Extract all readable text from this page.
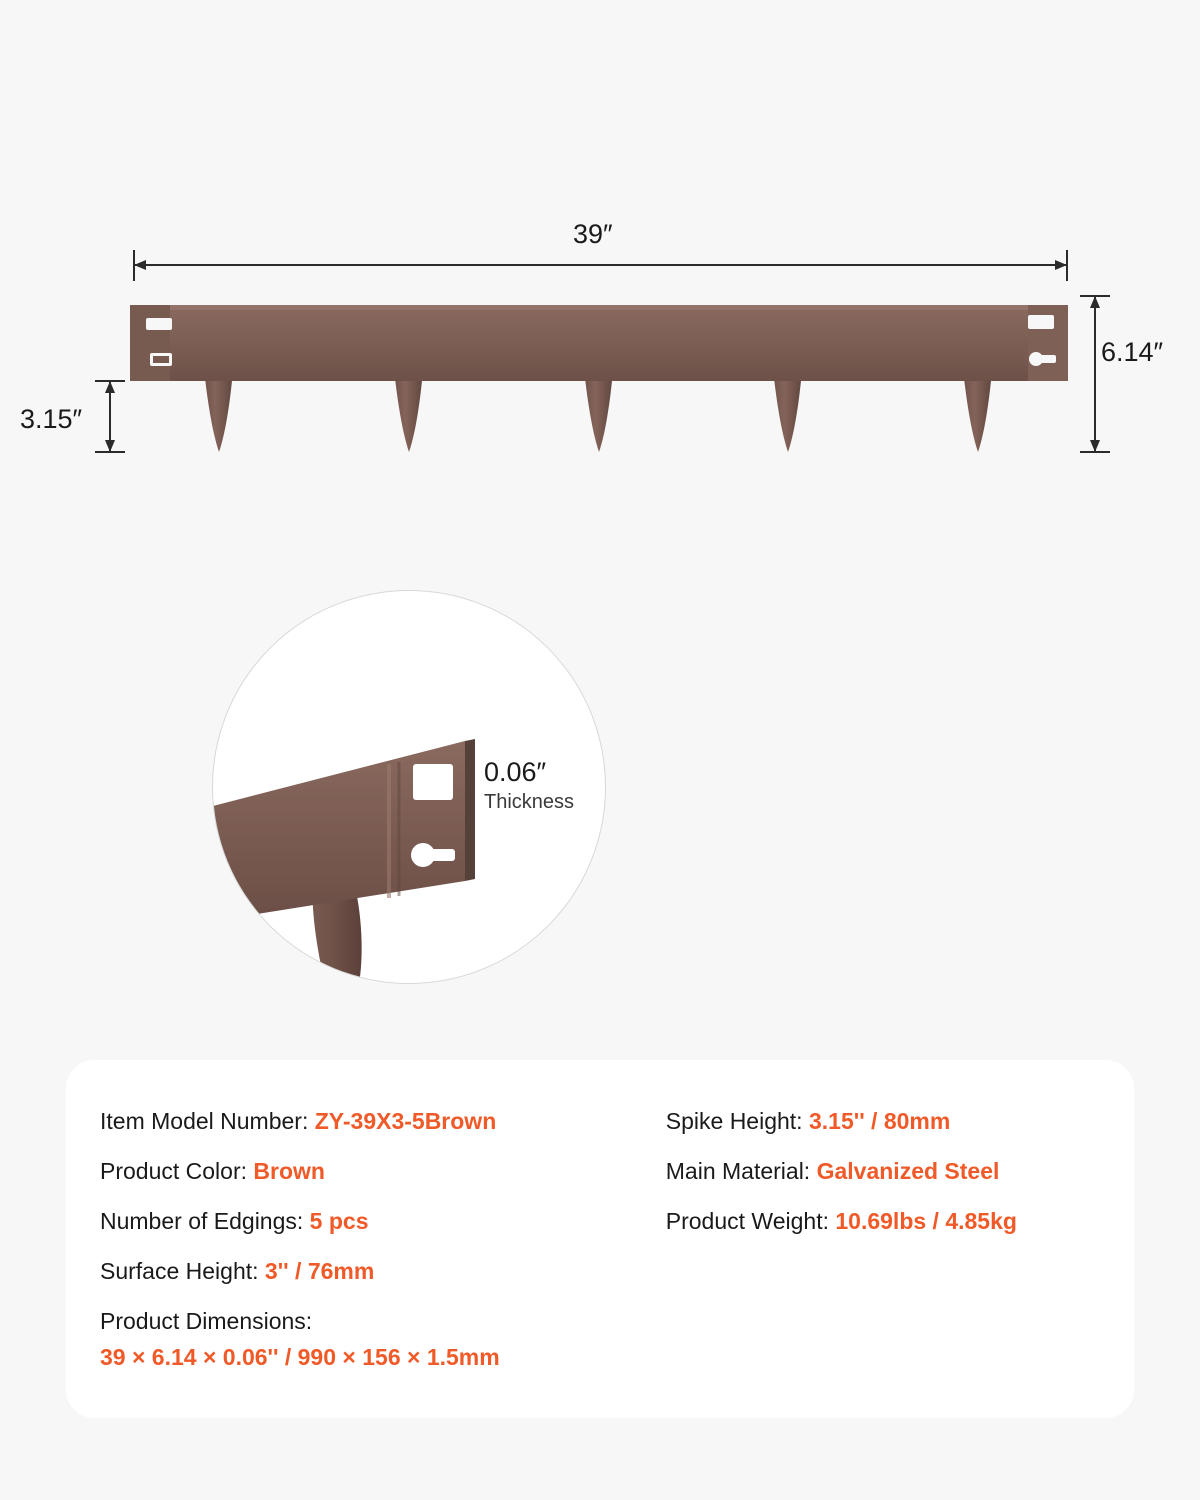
39″
6.14″
3.15″
0.06″
Thickness
Item Model Number: ZY-39X3-5Brown
Product Color: Brown
Number of Edgings: 5 pcs
Surface Height: 3'' / 76mm
Product Dimensions:
39 × 6.14 × 0.06'' / 990 × 156 × 1.5mm
Spike Height: 3.15'' / 80mm
Main Material: Galvanized Steel
Product Weight: 10.69lbs / 4.85kg
